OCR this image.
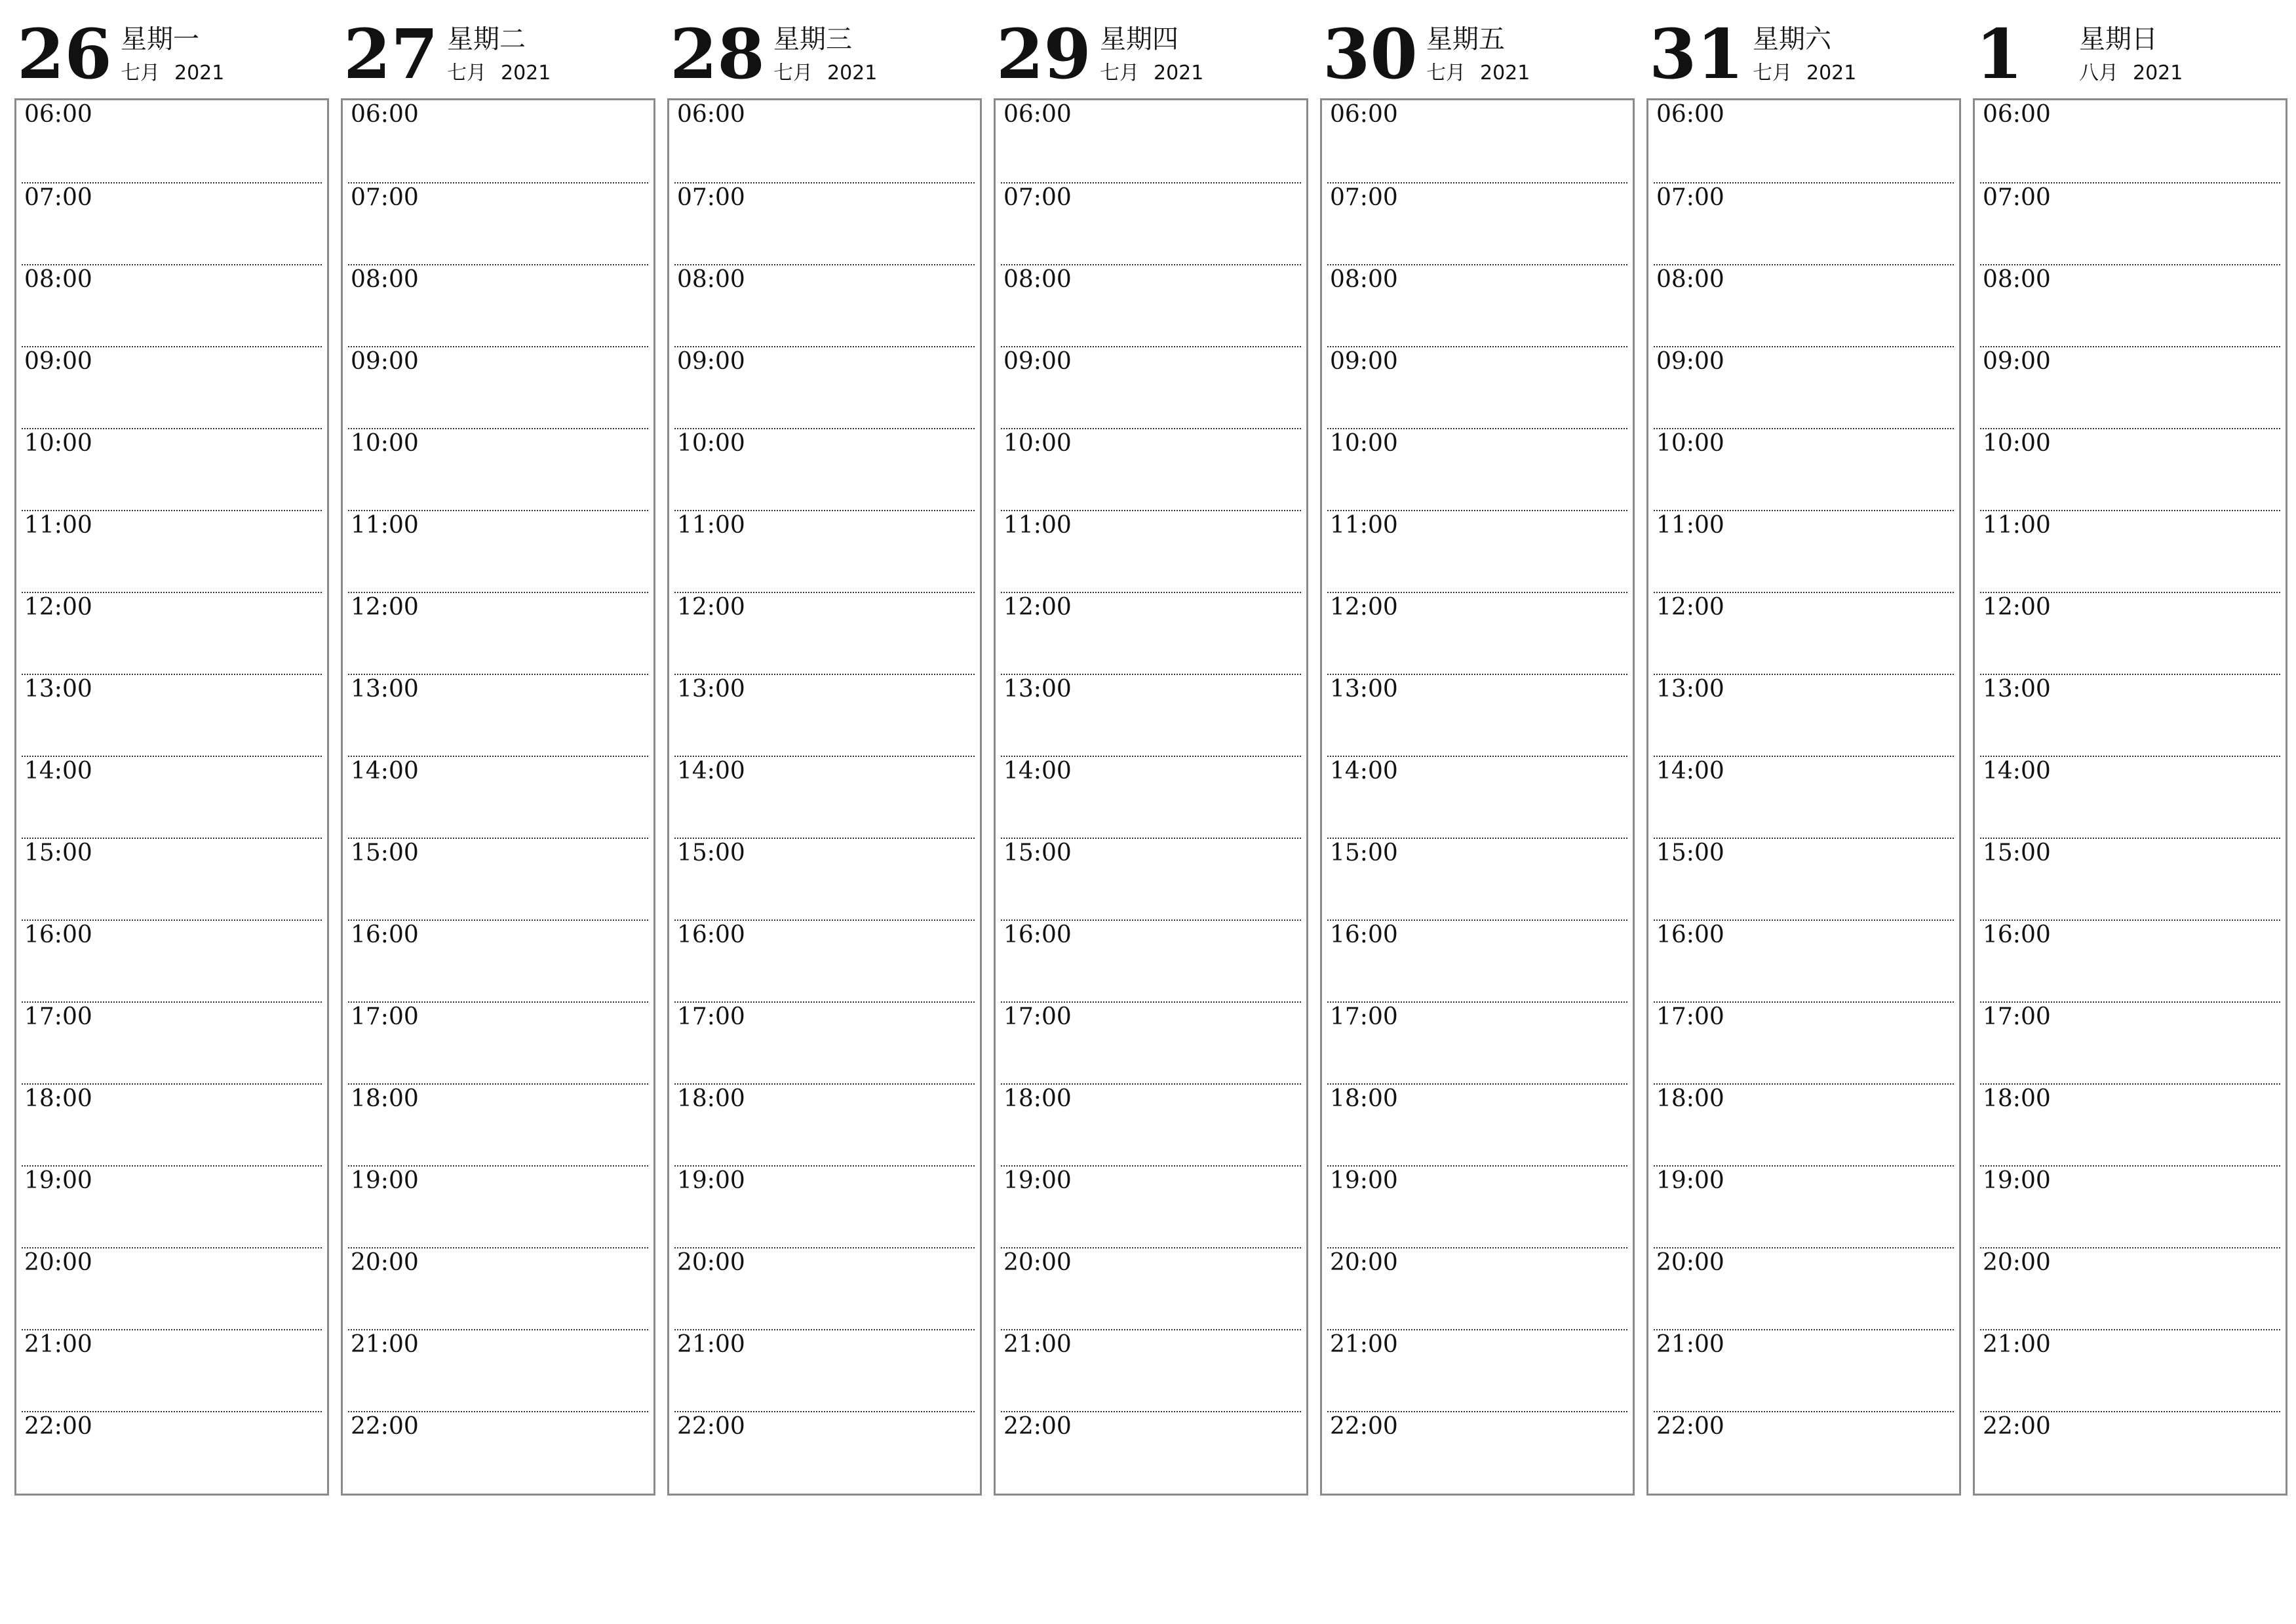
26 星期一
七月 2021
06:00
07:00
08:00
09:00
10:00
11:00
12:00
13:00
14:00
15:00
16:00
17:00
18:00
19:00
20:00
21:00
22:00
27 星期二
七月 2021
06:00
07:00
08:00
09:00
10:00
11:00
12:00
13:00
14:00
15:00
16:00
17:00
18:00
19:00
20:00
21:00
22:00
28 星期三
七月 2021
06:00
07:00
08:00
09:00
10:00
11:00
12:00
13:00
14:00
15:00
16:00
17:00
18:00
19:00
20:00
21:00
22:00
29 星期四
七月 2021
06:00
07:00
08:00
09:00
10:00
11:00
12:00
13:00
14:00
15:00
16:00
17:00
18:00
19:00
20:00
21:00
22:00
30 星期五
七月 2021
06:00
07:00
08:00
09:00
10:00
11:00
12:00
13:00
14:00
15:00
16:00
17:00
18:00
19:00
20:00
21:00
22:00
31 星期六
七月 2021
06:00
07:00
08:00
09:00
10:00
11:00
12:00
13:00
14:00
15:00
16:00
17:00
18:00
19:00
20:00
21:00
22:00
1 星期日
八月 2021
06:00
07:00
08:00
09:00
10:00
11:00
12:00
13:00
14:00
15:00
16:00
17:00
18:00
19:00
20:00
21:00
22:00
